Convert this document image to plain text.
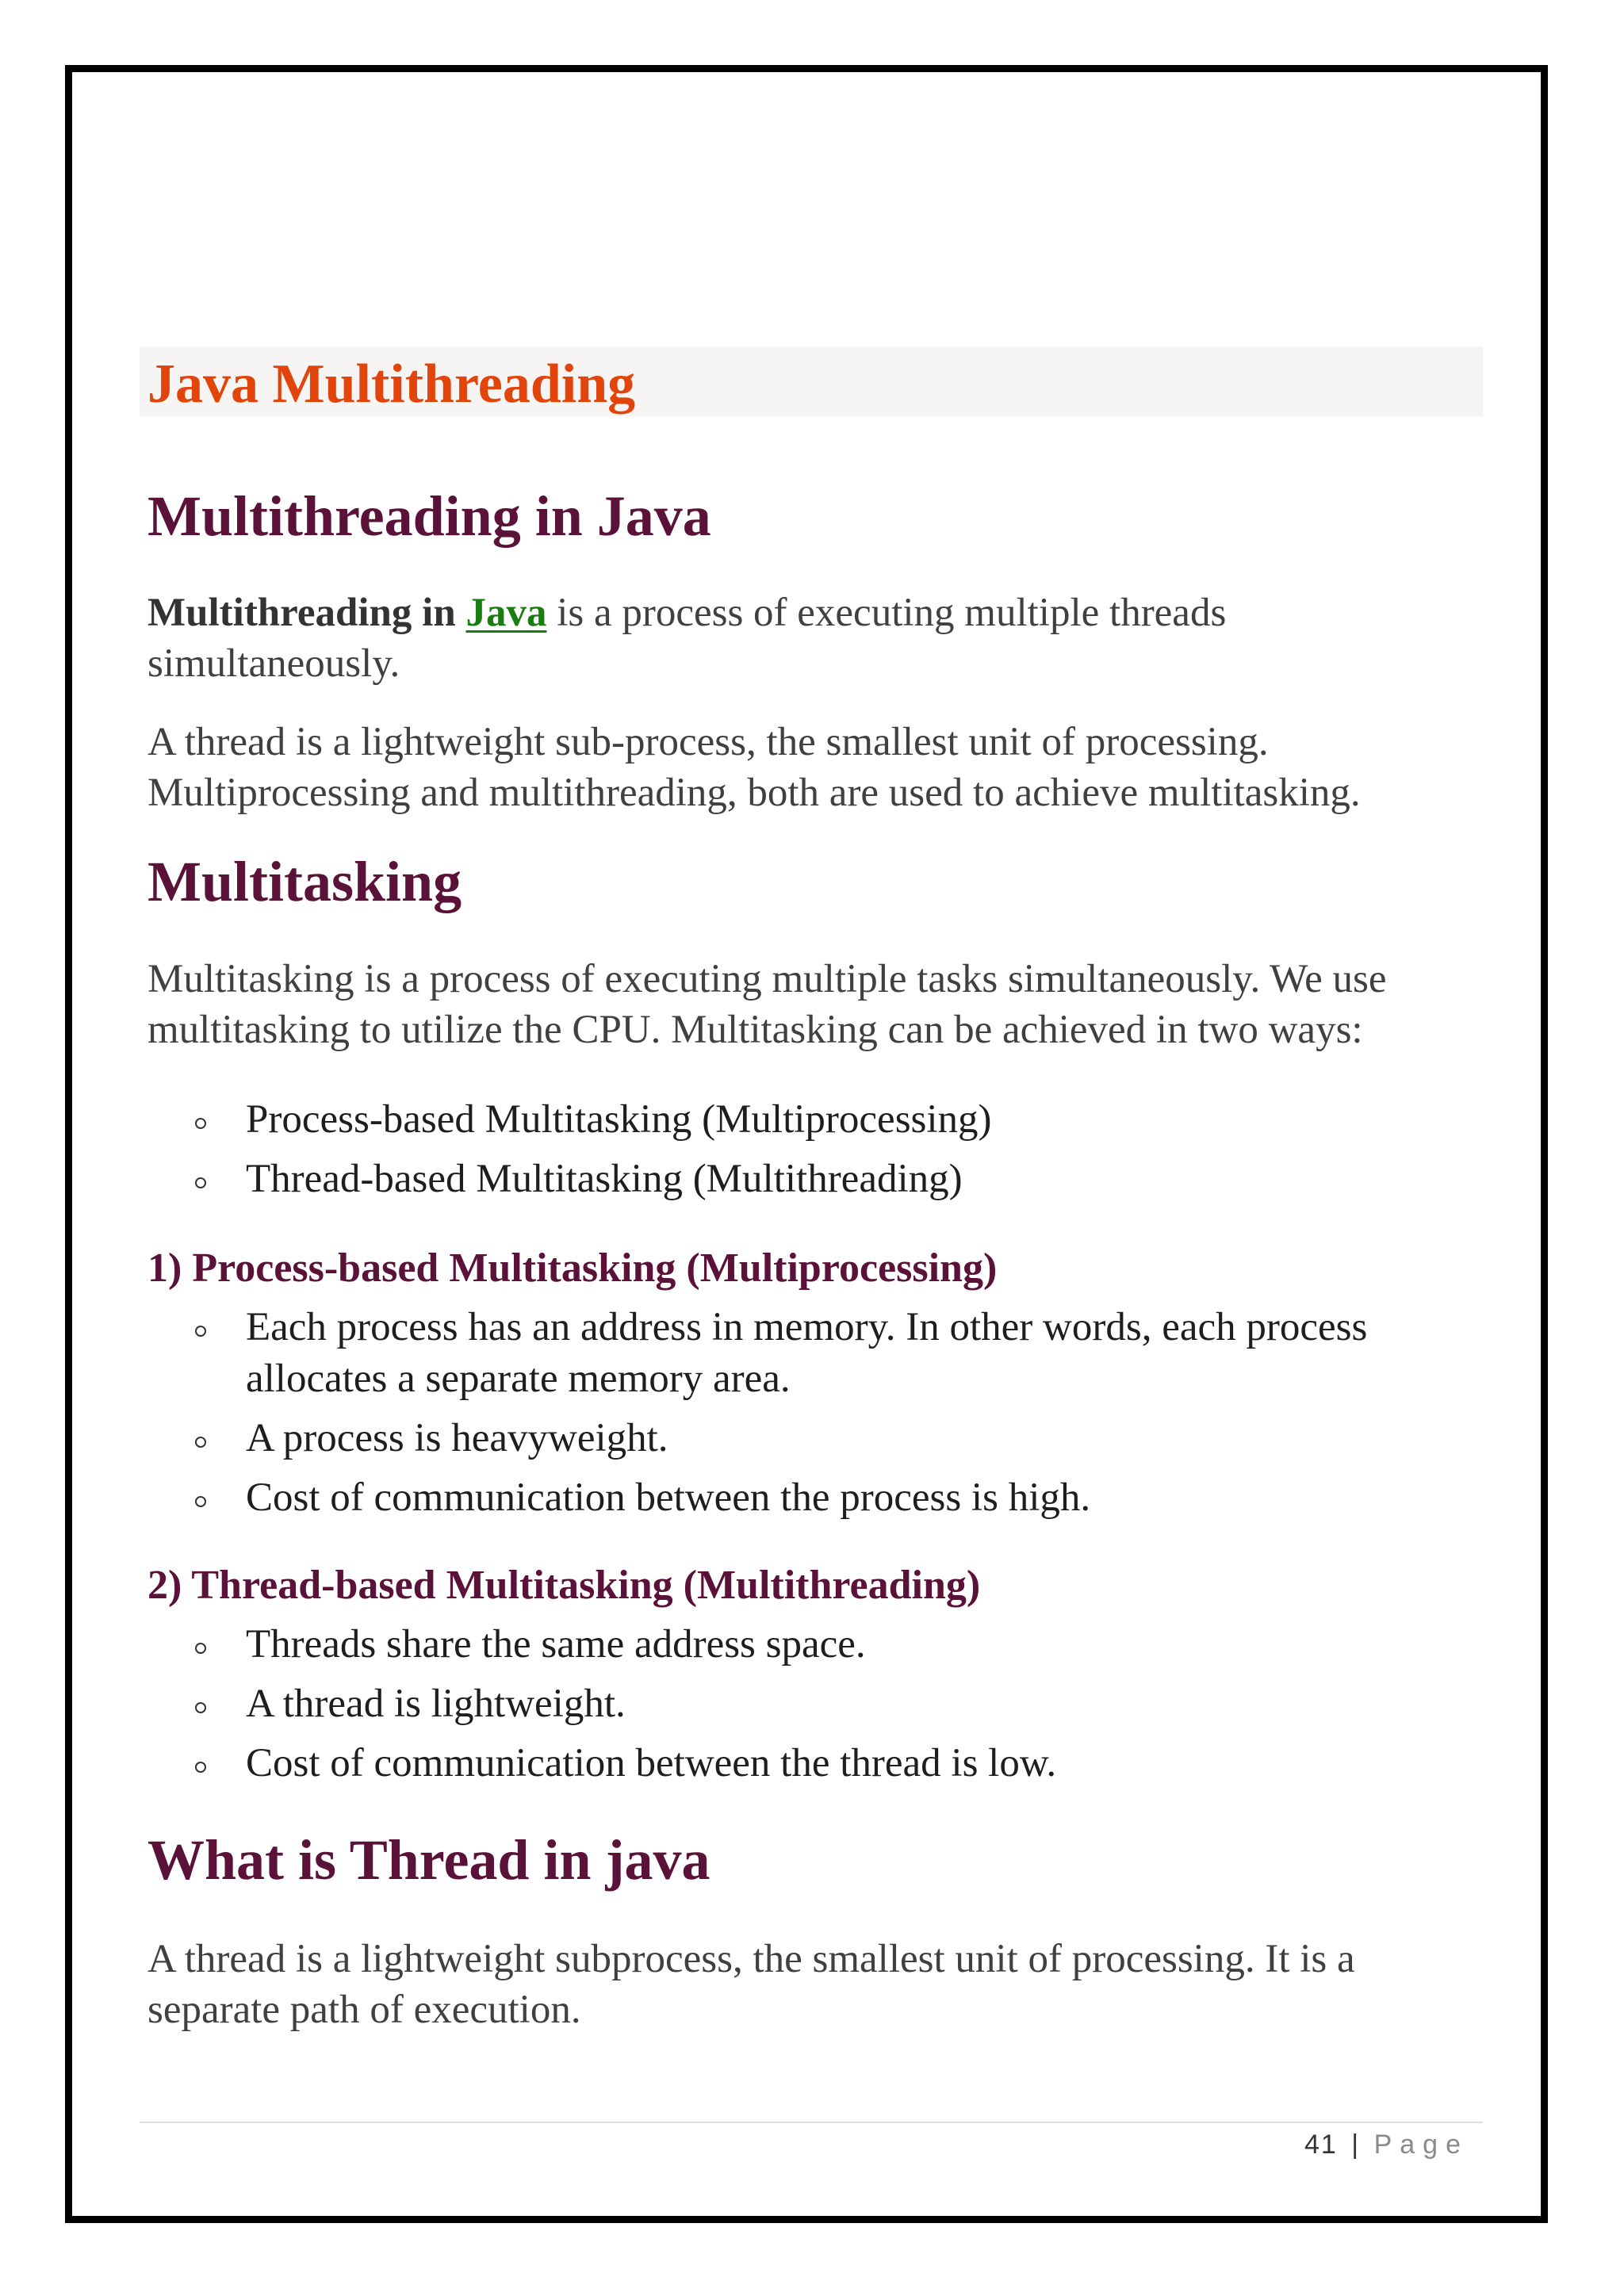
Java Multithreading
Multithreading in Java

Multithreading in Java is a process of executing multiple threads
simultaneously.

A thread is a lightweight sub-process, the smallest unit of processing.
Multiprocessing and multithreading, both are used to achieve multitasking.

Multitasking

Multitasking is a process of executing multiple tasks simultaneously. We use
multitasking to utilize the CPU. Multitasking can be achieved in two ways:

Process-based Multitasking (Multiprocessing)
Thread-based Multitasking (Multithreading)
1) Process-based Multitasking (Multiprocessing)
Each process has an address in memory. In other words, each process allocates a separate memory area.
A process is heavyweight.
Cost of communication between the process is high.
2) Thread-based Multitasking (Multithreading)
Threads share the same address space.
A thread is lightweight.
Cost of communication between the thread is low.
What is Thread in java

A thread is a lightweight subprocess, the smallest unit of processing. It is a
separate path of execution.

41 | Page
